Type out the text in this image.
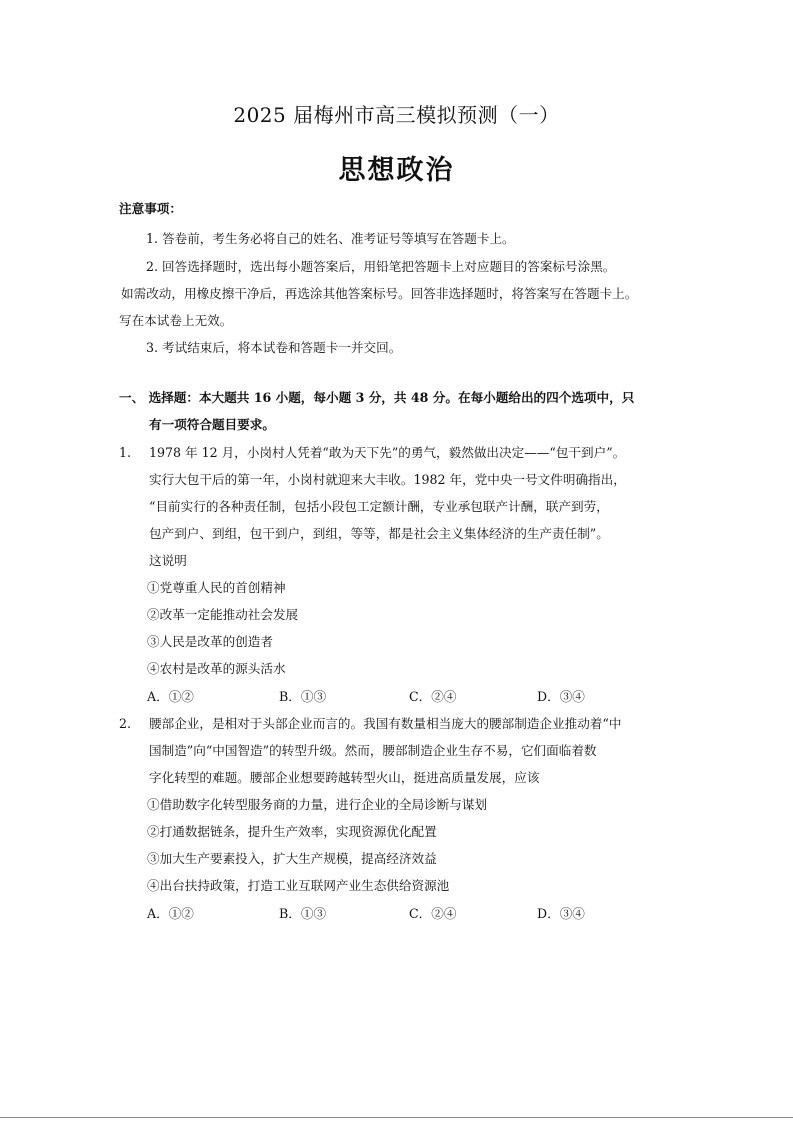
2025 届梅州市高三模拟预测（一）
思想政治
注意事项：
1. 答卷前，考生务必将自己的姓名、准考证号等填写在答题卡上。
2. 回答选择题时，选出每小题答案后，用铅笔把答题卡上对应题目的答案标号涂黑。
如需改动，用橡皮擦干净后，再选涂其他答案标号。回答非选择题时，将答案写在答题卡上。
写在本试卷上无效。
3. 考试结束后，将本试卷和答题卡一并交回。
一、 选择题：本大题共 16 小题，每小题 3 分，共 48 分。在每小题给出的四个选项中，只
有一项符合题目要求。
1. 1978 年 12 月，小岗村人凭着“敢为天下先”的勇气，毅然做出决定——“包干到户”。
实行大包干后的第一年，小岗村就迎来大丰收。1982 年，党中央一号文件明确指出，
“目前实行的各种责任制，包括小段包工定额计酬，专业承包联产计酬，联产到劳，
包产到户、到组，包干到户，到组，等等，都是社会主义集体经济的生产责任制”。
这说明
①党尊重人民的首创精神
②改革一定能推动社会发展
③人民是改革的创造者
④农村是改革的源头活水
A．①②	B．①③	C．②④	D．③④
2. 腰部企业，是相对于头部企业而言的。我国有数量相当庞大的腰部制造企业推动着“中
国制造”向“中国智造”的转型升级。然而，腰部制造企业生存不易，它们面临着数
字化转型的难题。腰部企业想要跨越转型火山，挺进高质量发展，应该
①借助数字化转型服务商的力量，进行企业的全局诊断与谋划
②打通数据链条，提升生产效率，实现资源优化配置
③加大生产要素投入，扩大生产规模，提高经济效益
④出台扶持政策，打造工业互联网产业生态供给资源池
A．①②	B．①③	C．②④	D．③④
